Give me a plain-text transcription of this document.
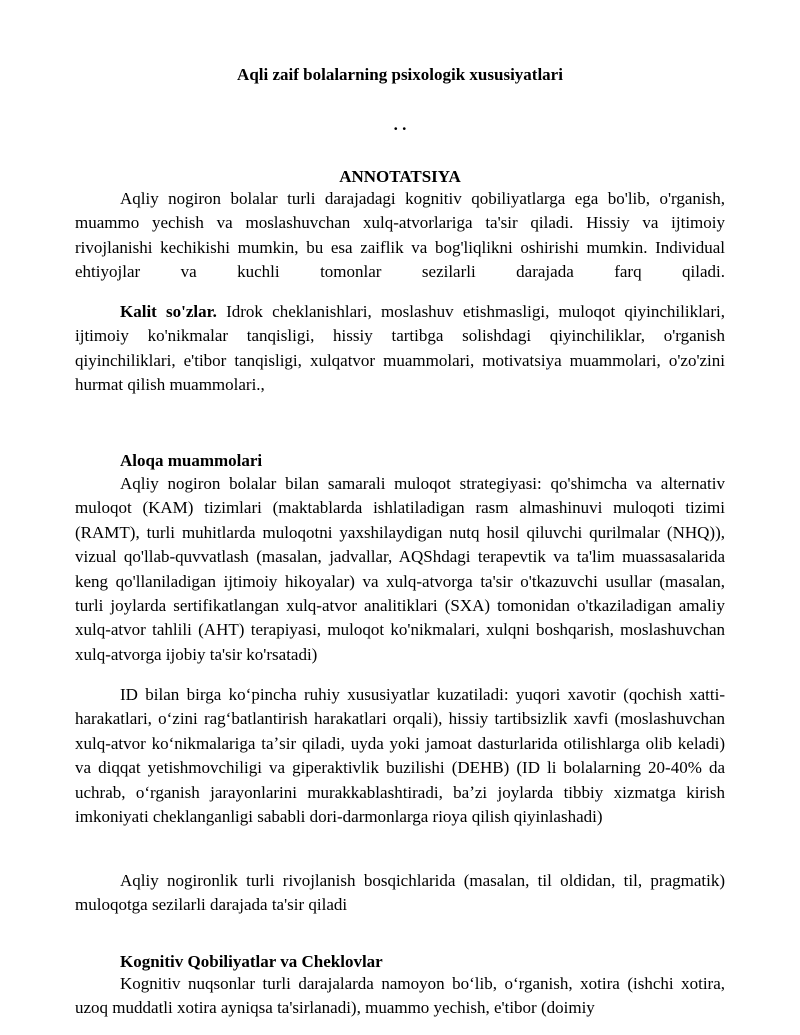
Aqli zaif bolalarning psixologik xususiyatlari
. .
ANNOTATSIYA

Aqliy nogiron bolalar turli darajadagi kognitiv qobiliyatlarga ega bo'lib, o'rganish, muammo yechish va moslashuvchan xulq-atvorlariga ta'sir qiladi. Hissiy va ijtimoiy rivojlanishi kechikishi mumkin, bu esa zaiflik va bog'liqlikni oshirishi mumkin. Individual ehtiyojlar va kuchli tomonlar sezilarli darajada farq qiladi.

Kalit so'zlar. Idrok cheklanishlari, moslashuv etishmasligi, muloqot qiyinchiliklari, ijtimoiy ko'nikmalar tanqisligi, hissiy tartibga solishdagi qiyinchiliklar, o'rganish qiyinchiliklari, e'tibor tanqisligi, xulqatvor muammolari, motivatsiya muammolari, o'zo'zini hurmat qilish muammolari.,

Aloqa muammolari

Aqliy nogiron bolalar bilan samarali muloqot strategiyasi: qo'shimcha va alternativ muloqot (KAM) tizimlari (maktablarda ishlatiladigan rasm almashinuvi muloqoti tizimi (RAMT), turli muhitlarda muloqotni yaxshilaydigan nutq hosil qiluvchi qurilmalar (NHQ)), vizual qo'llab-quvvatlash (masalan, jadvallar, AQShdagi terapevtik va ta'lim muassasalarida keng qo'llaniladigan ijtimoiy hikoyalar) va xulq-atvorga ta'sir o'tkazuvchi usullar (masalan, turli joylarda sertifikatlangan xulq-atvor analitiklari (SXA) tomonidan o'tkaziladigan amaliy xulq-atvor tahlili (AHT) terapiyasi, muloqot ko'nikmalari, xulqni boshqarish, moslashuvchan xulq-atvorga ijobiy ta'sir ko'rsatadi)

ID bilan birga koʻpincha ruhiy xususiyatlar kuzatiladi: yuqori xavotir (qochish xatti-harakatlari, oʻzini ragʻbatlantirish harakatlari orqali), hissiy tartibsizlik xavfi (moslashuvchan xulq-atvor koʻnikmalariga taʼsir qiladi, uyda yoki jamoat dasturlarida otilishlarga olib keladi) va diqqat yetishmovchiligi va giperaktivlik buzilishi (DEHB) (ID li bolalarning 20-40% da uchrab, oʻrganish jarayonlarini murakkablashtiradi, baʼzi joylarda tibbiy xizmatga kirish imkoniyati cheklanganligi sababli dori-darmonlarga rioya qilish qiyinlashadi)

Aqliy nogironlik turli rivojlanish bosqichlarida (masalan, til oldidan, til, pragmatik) muloqotga sezilarli darajada ta'sir qiladi

Kognitiv Qobiliyatlar va Cheklovlar

Kognitiv nuqsonlar turli darajalarda namoyon boʻlib, oʻrganish, xotira (ishchi xotira, uzoq muddatli xotira ayniqsa ta'sirlanadi), muammo yechish, e'tibor (doimiy
